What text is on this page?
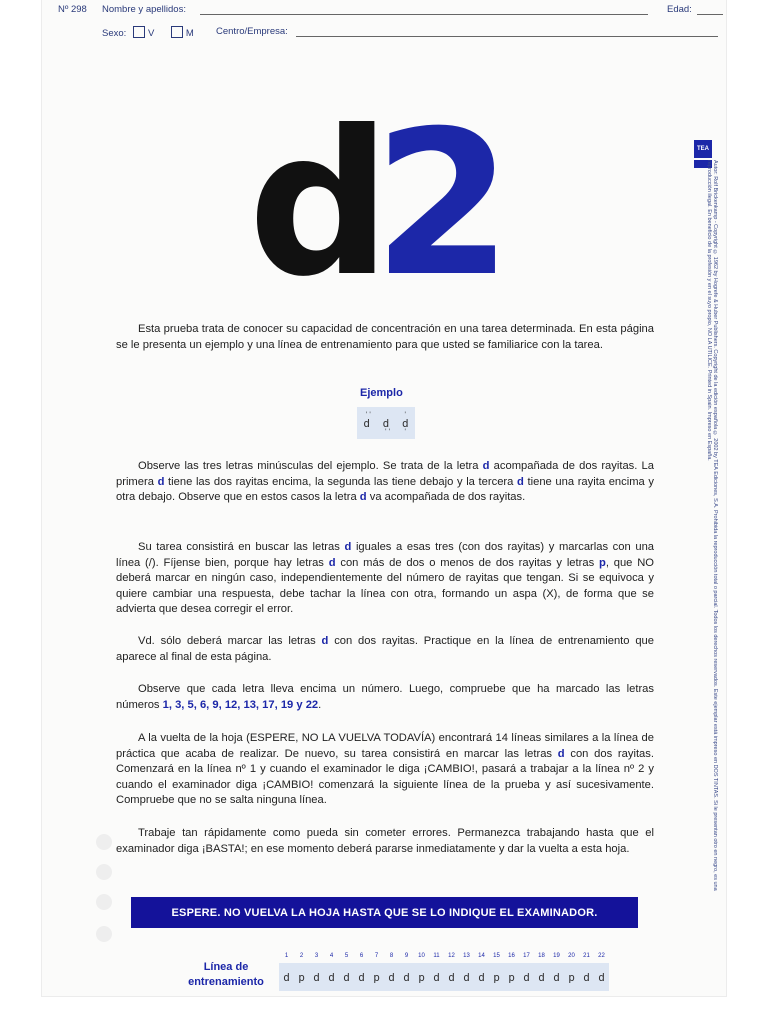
Nº 298 Nombre y apellidos:	Edad:
Sexo: V	M Centro/Empresa:
d2
Esta prueba trata de conocer su capacidad de concentración en una tarea determinada. En esta página se le presenta un ejemplo y una línea de entrenamiento para que usted se familiarice con la tarea.
Ejemplo
''
d d
''
'
d
'
Observe las tres letras minúsculas del ejemplo. Se trata de la letra d acompañada de dos rayitas. La primera d tiene las dos rayitas encima, la segunda las tiene debajo y la tercera d tiene una rayita encima y otra debajo. Observe que en estos casos la letra d va acompañada de dos rayitas.
Su tarea consistirá en buscar las letras d iguales a esas tres (con dos rayitas) y marcarlas con una línea (/). Fíjense bien, porque hay letras d con más de dos o menos de dos rayitas y letras p, que NO deberá marcar en ningún caso, independientemente del número de rayitas que tengan. Si se equivoca y quiere cambiar una respuesta, debe tachar la línea con otra, formando un aspa (X), de forma que se advierta que desea corregir el error.
Vd. sólo deberá marcar las letras d con dos rayitas. Practique en la línea de entrenamiento que aparece al final de esta página.
Observe que cada letra lleva encima un número. Luego, compruebe que ha marcado las letras números 1, 3, 5, 6, 9, 12, 13, 17, 19 y 22.
A la vuelta de la hoja (ESPERE, NO LA VUELVA TODAVÍA) encontrará 14 líneas similares a la línea de práctica que acaba de realizar. De nuevo, su tarea consistirá en marcar las letras d con dos rayitas. Comenzará en la línea nº 1 y cuando el examinador le diga ¡CAMBIO!, pasará a trabajar a la línea nº 2 y cuando el examinador diga ¡CAMBIO! comenzará la siguiente línea de la prueba y así sucesivamente. Compruebe que no se salta ninguna línea.
Trabaje tan rápidamente como pueda sin cometer errores. Permanezca trabajando hasta que el examinador diga ¡BASTA!; en ese momento deberá pararse inmediatamente y dar la vuelta a esta hoja.
ESPERE. NO VUELVA LA HOJA HASTA QUE SE LO INDIQUE EL EXAMINADOR.
Línea de
entrenamiento
1	2	3	4	5	6	7	8	9	10	11	12	13	14	15	16	17	18	19	20	21	22
d p d d d d p d d p d d d d p p d d d p d d
TEA
Autor: Rolf Brickenkamp - Copyright © 1962 by Hogrefe & Huber Publishers. Copyright de la edición española © 2002 by TEA Ediciones, S.A. Prohibida la reproducción total o parcial. Todos los derechos reservados. Este ejemplar está impreso en DOS TINTAS. Si le presentan otro en negro, es una reproducción ilegal. En beneficio de la profesión y en el suyo propio, NO LA UTILICE. Printed in Spain. Impreso en España.
